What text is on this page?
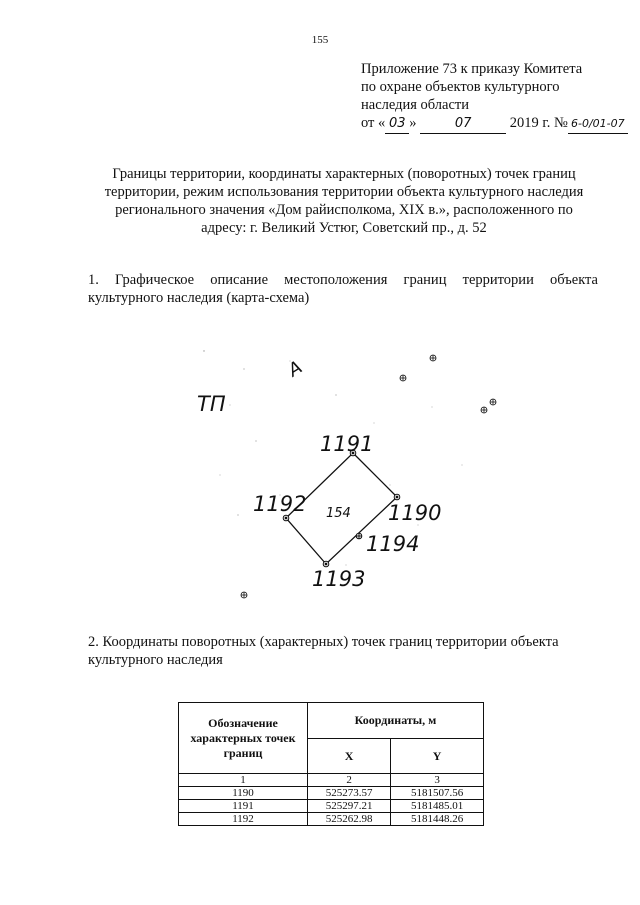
155
Приложение 73 к приказу Комитета
по охране объектов культурного
наследия области
от « 03 »	07	2019 г. № 6-0/01-07
Границы территории, координаты характерных (поворотных) точек границ территории, режим использования территории объекта культурного наследия регионального значения «Дом райисполкома, XIX в.», расположенного по адресу: г. Великий Устюг, Советский пр., д. 52
1. Графическое описание местоположения границ территории объекта культурного наследия (карта-схема)
ТП
А
154 1190
1191
1192
1193
1194
2. Координаты поворотных (характерных) точек границ территории объекта культурного наследия
Обозначение характерных точек границ	Координаты, м	
	X	Y
1	2	3
1190	525273.57	5181507.56
1191	525297.21	5181485.01
1192	525262.98	5181448.26
